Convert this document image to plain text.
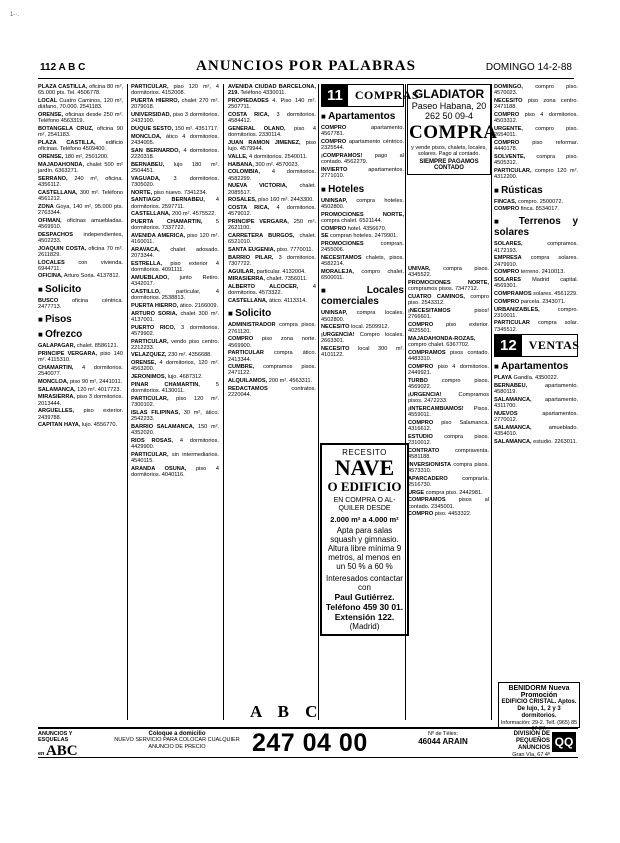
1-·.
112 A B C	ANUNCIOS POR PALABRAS	DOMINGO 14-2-88

PLAZA CASTILLA, oficina 80 m², 65.000 pts. Tel. 4506778.

LOCAL Cuatro Caminos, 120 m², diáfano, 70.000. 2541183.

ORENSE, oficinas desde 250 m². Teléfono 4563319.

BOTANGELA CRUZ, oficina 90 m², 2541183.

PLAZA CASTILLA, edificio oficinas. Teléfono 4509400.

ORENSE, 180 m², 2501200.

MAJADAHONDA, chalet 500 m² jardín. 6363271.

SERRANO, 240 m², oficina. 4356112.

CASTELLANA, 300 m². Teléfono 4561212.

ZONA Goya, 140 m², 95.000 pts. 2763344.

OFIMAN, oficinas amuebladas. 4569910.

DESPACHOS independientes, 4502233.

JOAQUIN COSTA, oficina 70 m². 2611829.

LOCALES con vivienda. 6944711.

OFICINA, Arturo Soria. 4137812.

■ Solicito

BUSCO oficina céntrica. 2477713.

■ Pisos
■ Ofrezco

GALAPAGAR, chalet. 8586121.

PRINCIPE VERGARA, piso 140 m². 4115310.

CHAMARTIN, 4 dormitorios. 2540077.

MONCLOA, piso 90 m², 2441011.

SALAMANCA, 120 m². 4017723.

MIRASIERRA, piso 3 dormitorios. 2013444.

ARGUELLES, piso exterior. 2439788.

CAPITAN HAYA, lujo. 4556770.

PARTICULAR, piso 120 m², 4 dormitorios. 4152008.

PUERTA HIERRO, chalet 270 m². 2079018.

UNIVERSIDAD, piso 3 dormitorios. 2432100.

DUQUE SESTO, 150 m². 4351717.

MONCLOA, ático 4 dormitorios. 2434005.

SAN BERNARDO, 4 dormitorios. 2220318.

BERNABEU, lujo 180 m². 2504451.

VAGUADA, 3 dormitorios. 7305020.

NORTE, piso nuevo. 7341234.

SANTIAGO BERNABEU, 4 dormitorios. 2597711.

CASTELLANA, 200 m². 4575522.

PUERTA CHAMARTIN, 5 dormitorios. 7337722.

AVENIDA AMERICA, piso 120 m². 4160011.

ARAVACA, chalet adosado. 2073344.

ESTRELLA, piso exterior 4 dormitorios. 4091111.

AMUEBLADO, junto Retiro. 4342017.

CASTILLO,	particular, 4 dormitorios. 2538813.

PUERTA HIERRO, ático. 2166009.

ARTURO SORIA, chalet 300 m². 4137001.

PUERTO RICO, 3 dormitorios. 4579902.

PARTICULAR, vendo piso centro. 2212233.

VELAZQUEZ, 230 m². 4356688.

ORENSE, 4 dormitorios, 120 m². 4563200.

JERONIMOS, lujo. 4687312.

PINAR CHAMARTIN,	5 dormitorios. 4130011.

PARTICULAR, piso 120 m². 7300102.

ISLAS FILIPINAS, 30 m², ático. 2542233.

BARRIO SALAMANCA, 150 m². 4352020.

RIOS ROSAS, 4 dormitorios. 4429900.

PARTICULAR, sin intermediarios. 4540115.

ARANDA OSUNA, piso 4 dormitorios. 4040116.

AVENIDA CIUDAD BARCELONA, 219. Teléfono 4330011.

PROPIEDADES 4. Piso 140 m². 2507711.

COSTA RICA, 3 dormitorios. 4584412.

GENERAL OLANO, piso 4 dormitorios. 2330114.

JUAN RAMON JIMENEZ, piso lujo. 4579944.

VALLE, 4 dormitorios. 2540011.

HABANA, 300 m². 4570023.

COLOMBIA, 4 dormitorios. 4582299.

NUEVA VICTORIA, chalet. 2085517.

ROSALES, piso 160 m². 2443300.

COSTA RICA, 4 dormitorios. 4579012.

PRINCIPE VERGARA, 250 m². 2621100.

CARRETERA BURGOS, chalet. 6521010.

SANTA EUGENIA, piso. 7770011.

BARRIO PILAR, 3 dormitorios. 7307722.

AGUILAR, particular. 4132004.

MIRASIERRA, chalet. 7356011.

ALBERTO ALCOCER,	4 dormitorios. 4573322.

CASTELLANA, ático. 4113314.

■ Solicito

ADMINISTRADOR compra pisos. 2761120.

COMPRO piso zona norte. 4569900.

PARTICULAR compra ático. 2413344.

CUMBRE, compramos pisos. 2471122.

ALQUILAMOS, 200 m². 4563311.

REDACTAMOS	contratos. 2220044.

11	COMPRAS
■ Apartamentos

COMPRO	apartamento. 4567781.

COMPRO apartamento céntrico. 2325544.

¡COMPRAMOS! pago al contado. 4562279.

INVIERTO	apartamentos. 2771010.

■ Hoteles

UNINSAP, compra hoteles. 4502800.

PROMOCIONES NORTE, compra chalet. 6521144.

COMPRO hotel. 4356670.

SE compran hoteles. 2479901.

PROMOCIONES	compran. 2455006.

NECESITAMOS chalets, pisos. 4582214.

MORALEJA, compro chalet. 6500011.

■ Locales comerciales

UNINSAP, compra locales. 4502800.

NECESITO local. 2509912.

¡URGENCIA! Compro locales. 2663301.

NECESITO local 300 m². 4101122.

UNIVAR, compra pisos. 4345522.

PROMOCIONES NORTE, compramos pisos. 7347712.

CUATRO CAMINOS, compro piso. 2543312.

¡NECESITAMOS	pisos! 2766601.

COMPRO piso exterior. 4025501.

MAJADAHONDA-ROZAS, compro chalet. 6367702.

COMPRAMOS pisos contado. 4483310.

COMPRO piso 4 dormitorios. 2449921.

TURBO compro pisos. 4569022.

¡URGENCIA!	Compramos pisos. 2472233.

¡INTERCAMBIAMOS! Pisos. 4559011.

COMPRO piso Salamanca. 4316612.

ESTUDIO compra pisos. 2310012.

CONTRATO	compraventa. 4581188.

INVERSIONISTA compra pisos. 4573310.

APARCADERO	compraría. 2516730.

URGE compra piso. 2442981.

COMPRAMOS pisos al contado. 2345001.

COMPRO piso. 4453322.

DOMINGO, compro piso. 4570023.

NECESITO piso zona centro. 2471188.

COMPRO piso 4 dormitorios. 4503312.

URGENTE, compro piso. 2654011.

COMPRO piso reformar. 4440178.

SOLVENTE, compra piso. 4505312.

PARTICULAR, compro 120 m². 4312200.

■ Rústicas

FINCAS, compro. 2500072.

COMPRO finca. 8534017.

■ Terrenos y solares

SOLARES,	compramos. 4172193.

EMPRESA compra solares. 2479910.

COMPRO terreno. 2410013.

SOLARES Madrid capital. 4569301.

COMPRAMOS solares. 4561229.

COMPRO parcela. 2343071.

URBANIZABLES,	compro. 2310011.

PARTICULAR compra solar. 7345512.

12	VENTAS
■ Apartamentos

PLAYA Gandía. 4350022.

BERNABEU,	apartamento. 4580119.

SALAMANCA, apartamento. 4311700.

NUEVOS	apartamentos. 2770012.

SALAMANCA,	amueblado. 4354010.

SALAMANCA, estudio. 2263011.

GLADIATOR
Paseo Habana, 20
262 50 09-4
COMPRA
y vende pisos, chalets, locales, solares. Pago al contado.
SIEMPRE PAGAMOS CONTADO
RECESITO
NAVE
O EDIFICIO
EN COMPRA O AL-QUILER DESDE
2.000 m² a 4.000 m²
Apta para salas squash y gimnasio. Altura libre mínima 9 metros, al menos en un 50 % a 60 %
Interesados contactar con
Paul Gutiérrez. Teléfono 459 30 01. Extensión 122.
(Madrid)
A B C
BENIDORM Nueva Promoción
EDIFICIO CRISTAL. Aptos. De lujo, 1, 2 y 3 dormitorios.
Información: 29-2. Telf. (965) 85 07 27.
ANUNCIOS Y ESQUELAS
en ABC
Coloque a domicilio
NUEVO SERVICIO PARA COLOCAR CUALQUIER ANUNCIO DE PRECIO	247 04 00	Nº de Télex:
46044 ARAIN
DIVISION DE PEQUEÑOS ANUNCIOS
Gran Vía, 67 4º
QQ
